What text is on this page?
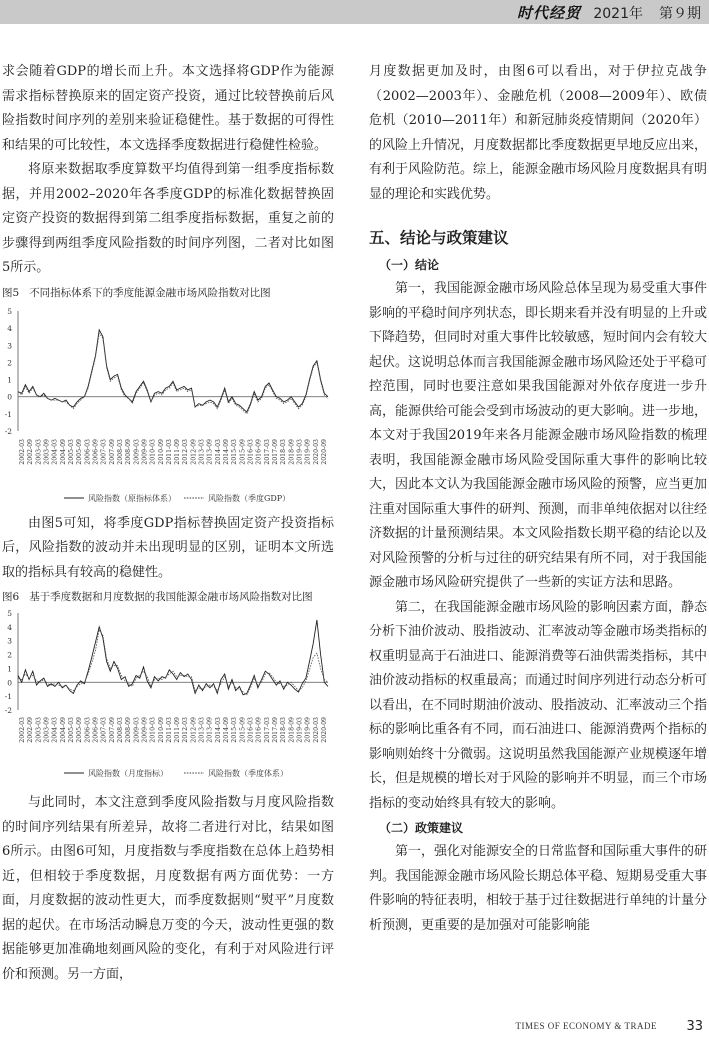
时代经贸 2021年 第９期

求会随着GDP的增长而上升。本文选择将GDP作为能源需求指标替换原来的固定资产投资，通过比较替换前后风险指数时间序列的差别来验证稳健性。基于数据的可得性和结果的可比较性，本文选择季度数据进行稳健性检验。

将原来数据取季度算数平均值得到第一组季度指标数据，并用2002–2020年各季度GDP的标准化数据替换固定资产投资的数据得到第二组季度指标数据，重复之前的步骤得到两组季度风险指数的时间序列图，二者对比如图5所示。

图5 不同指标体系下的季度能源金融市场风险指数对比图
5
4
3
2
1
0
-1
-2
2002-03 2002-09 2003-03 2003-09 2004-03 2004-09 2005-03 2005-09 2006-03 2006-09 2007-03 2007-09 2008-03 2008-09 2009-03 2009-09 2010-03 2010-09 2011-03 2011-09 2012-03 2012-09 2013-03 2013-09 2014-03 2014-09 2015-03 2015-09 2016-03 2016-09 2017-03 2017-09 2018-03 2018-09 2019-03 2019-09 2020-03 2020-09
风险指数（原指标体系）	风险指数（季度GDP）

由图5可知，将季度GDP指标替换固定资产投资指标后，风险指数的波动并未出现明显的区别，证明本文所选取的指标具有较高的稳健性。

图6 基于季度数据和月度数据的我国能源金融市场风险指数对比图
5
4
3
2
1
0
-1
-2
2002-03 2002-09 2003-03 2003-09 2004-03 2004-09 2005-03 2005-09 2006-03 2006-09 2007-03 2007-09 2008-03 2008-09 2009-03 2009-09 2010-03 2010-09 2011-03 2011-09 2012-03 2012-09 2013-03 2013-09 2014-03 2014-09 2015-03 2015-09 2016-03 2016-09 2017-03 2017-09 2018-03 2018-09 2019-03 2019-09 2020-03 2020-09
风险指数（月度指标）	风险指数（季度体系）

与此同时，本文注意到季度风险指数与月度风险指数的时间序列结果有所差异，故将二者进行对比，结果如图6所示。由图6可知，月度指数与季度指数在总体上趋势相近，但相较于季度数据，月度数据有两方面优势：一方面，月度数据的波动性更大，而季度数据则“熨平”月度数据的起伏。在市场活动瞬息万变的今天，波动性更强的数据能够更加准确地刻画风险的变化，有利于对风险进行评价和预测。另一方面，

月度数据更加及时，由图6可以看出，对于伊拉克战争（2002—2003年）、金融危机（2008—2009年）、欧债危机（2010—2011年）和新冠肺炎疫情期间（2020年）的风险上升情况，月度数据都比季度数据更早地反应出来，有利于风险防范。综上，能源金融市场风险月度数据具有明显的理论和实践优势。

五、结论与政策建议
（一）结论

第一，我国能源金融市场风险总体呈现为易受重大事件影响的平稳时间序列状态，即长期来看并没有明显的上升或下降趋势，但同时对重大事件比较敏感，短时间内会有较大起伏。这说明总体而言我国能源金融市场风险还处于平稳可控范围，同时也要注意如果我国能源对外依存度进一步升高，能源供给可能会受到市场波动的更大影响。进一步地，本文对于我国2019年来各月能源金融市场风险指数的梳理表明，我国能源金融市场风险受国际重大事件的影响比较大，因此本文认为我国能源金融市场风险的预警，应当更加注重对国际重大事件的研判、预测，而非单纯依据对以往经济数据的计量预测结果。本文风险指数长期平稳的结论以及对风险预警的分析与过往的研究结果有所不同，对于我国能源金融市场风险研究提供了一些新的实证方法和思路。

第二，在我国能源金融市场风险的影响因素方面，静态分析下油价波动、股指波动、汇率波动等金融市场类指标的权重明显高于石油进口、能源消费等石油供需类指标，其中油价波动指标的权重最高；而通过时间序列进行动态分析可以看出，在不同时期油价波动、股指波动、汇率波动三个指标的影响比重各有不同，而石油进口、能源消费两个指标的影响则始终十分微弱。这说明虽然我国能源产业规模逐年增长，但是规模的增长对于风险的影响并不明显，而三个市场指标的变动始终具有较大的影响。

（二）政策建议

第一，强化对能源安全的日常监督和国际重大事件的研判。我国能源金融市场风险长期总体平稳、短期易受重大事件影响的特征表明，相较于基于过往数据进行单纯的计量分析预测，更重要的是加强对可能影响能

TIMES OF ECONOMY & TRADE 33
